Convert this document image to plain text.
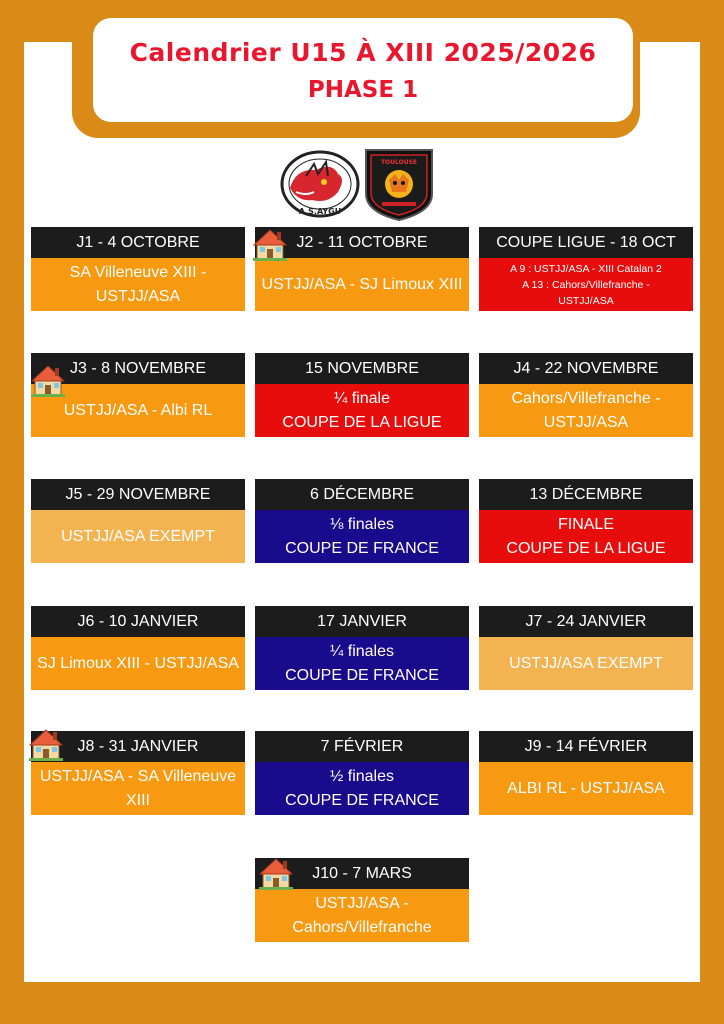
Calendrier U15 À XIII 2025/2026
PHASE 1
A.S.AYGU
TOULOUSE
J1 - 4 OCTOBRE
SA Villeneuve XIII -
USTJJ/ASA
J2 - 11 OCTOBRE
USTJJ/ASA - SJ Limoux XIII
COUPE LIGUE - 18 OCT
A 9 : USTJJ/ASA - XIII Catalan 2
A 13 : Cahors/Villefranche -
USTJJ/ASA
J3 - 8 NOVEMBRE
USTJJ/ASA - Albi RL
15 NOVEMBRE
¼ finale
COUPE DE LA LIGUE
J4 - 22 NOVEMBRE
Cahors/Villefranche -
USTJJ/ASA
J5 - 29 NOVEMBRE
USTJJ/ASA EXEMPT
6 DÉCEMBRE
⅛ finales
COUPE DE FRANCE
13 DÉCEMBRE
FINALE
COUPE DE LA LIGUE
J6 - 10 JANVIER
SJ Limoux XIII - USTJJ/ASA
17 JANVIER
¼ finales
COUPE DE FRANCE
J7 - 24 JANVIER
USTJJ/ASA EXEMPT
J8 - 31 JANVIER
USTJJ/ASA - SA Villeneuve
XIII
7 FÉVRIER
½ finales
COUPE DE FRANCE
J9 - 14 FÉVRIER
ALBI RL - USTJJ/ASA
J10 - 7 MARS
USTJJ/ASA -
Cahors/Villefranche
